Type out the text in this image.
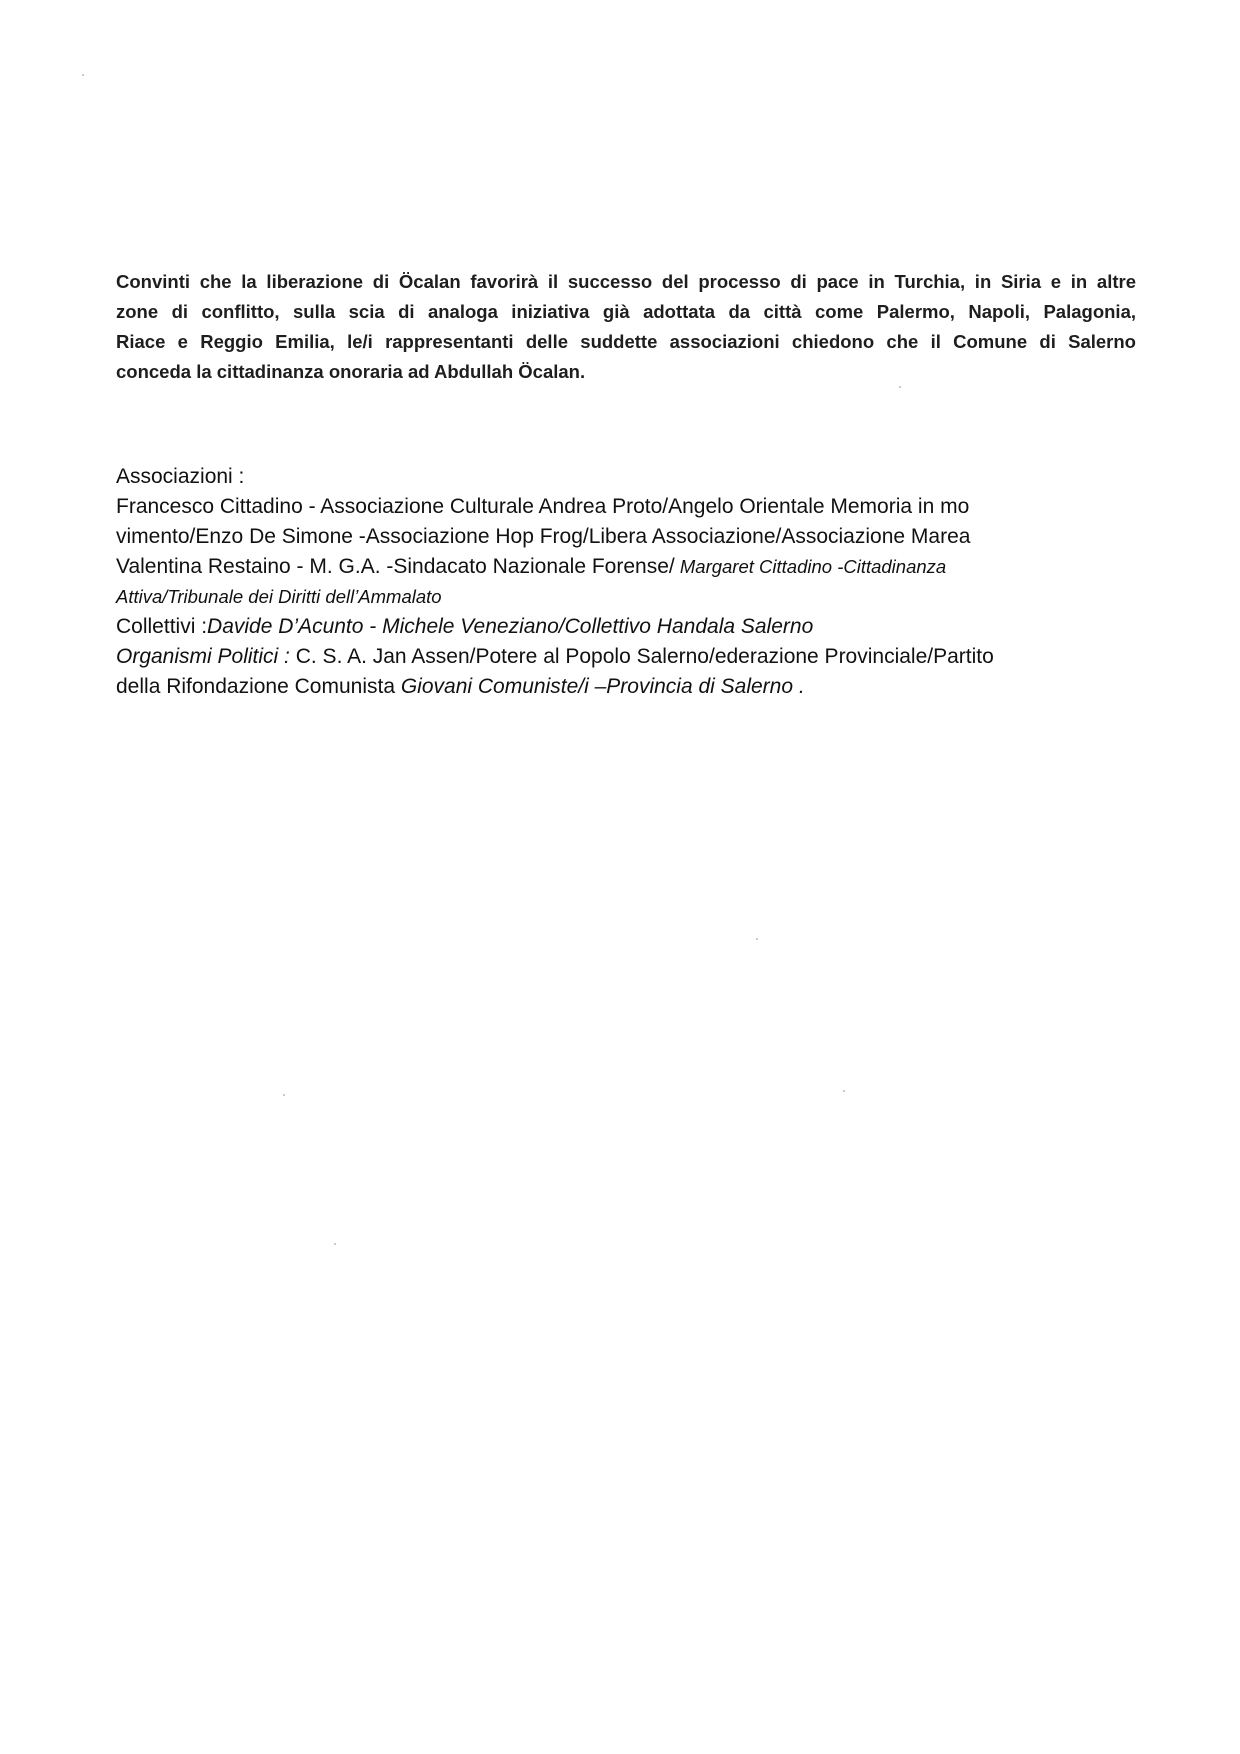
Convinti che la liberazione di Öcalan favorirà il successo del processo di pace in Turchia, in Siria e in altre
zone di conflitto, sulla scia di analoga iniziativa già adottata da città come Palermo, Napoli, Palagonia,
Riace e Reggio Emilia, le/i rappresentanti delle suddette associazioni chiedono che il Comune di Salerno
conceda la cittadinanza onoraria ad Abdullah Öcalan.
Associazioni :
Francesco Cittadino - Associazione Culturale Andrea Proto/Angelo Orientale Memoria in mo
vimento/Enzo De Simone -Associazione Hop Frog/Libera Associazione/Associazione Marea
Valentina Restaino - M. G.A. -Sindacato Nazionale Forense/ Margaret Cittadino -Cittadinanza
Attiva/Tribunale dei Diritti dell’Ammalato
Collettivi :Davide D’Acunto - Michele Veneziano/Collettivo Handala Salerno
Organismi Politici : C. S. A. Jan Assen/Potere al Popolo Salerno/ederazione Provinciale/Partito
della Rifondazione Comunista Giovani Comuniste/i –Provincia di Salerno .
